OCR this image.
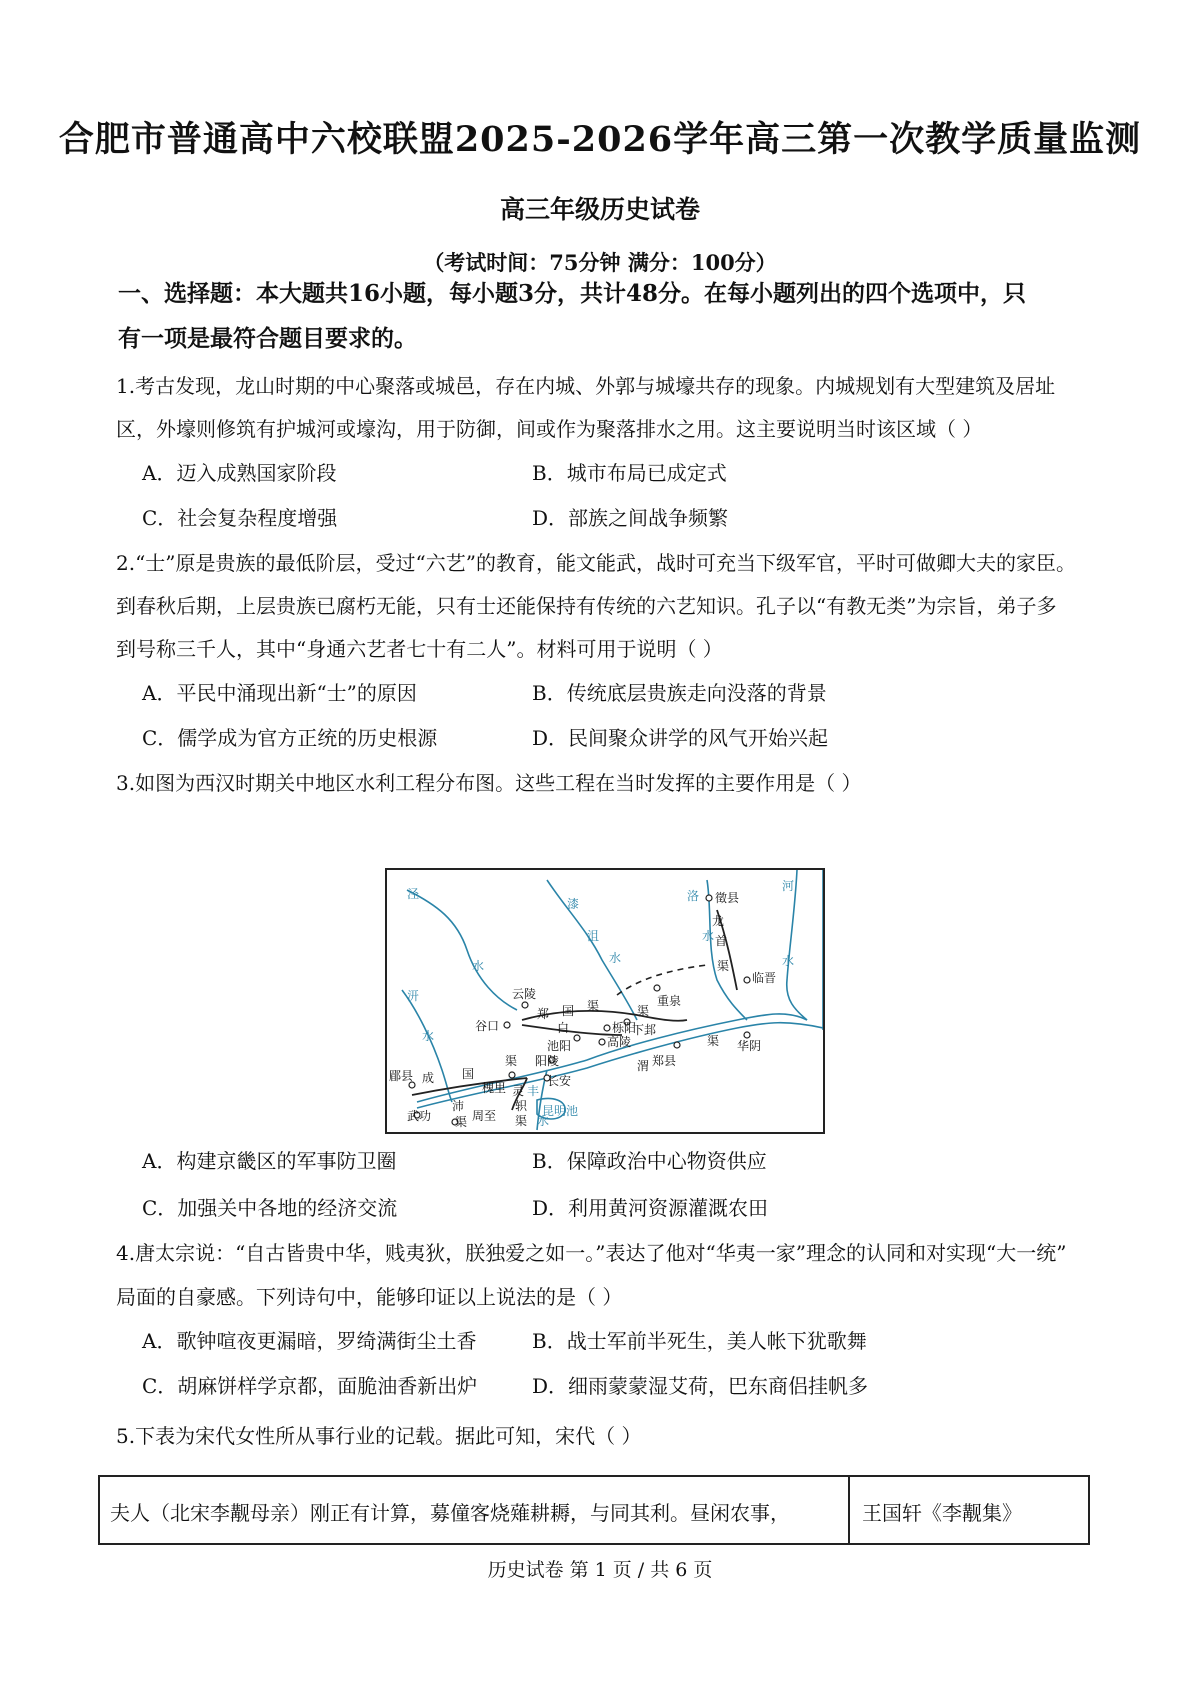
合肥市普通高中六校联盟2025-2026学年高三第一次教学质量监测
高三年级历史试卷
（考试时间：75分钟 满分：100分）
一、选择题：本大题共16小题，每小题3分，共计48分。在每小题列出的四个选项中，只
有一项是最符合题目要求的。
1.考古发现，龙山时期的中心聚落或城邑，存在内城、外郭与城壕共存的现象。内城规划有大型建筑及居址
区，外壕则修筑有护城河或壕沟，用于防御，间或作为聚落排水之用。这主要说明当时该区域（ ）
A．迈入成熟国家阶段	B．城市布局已成定式
C．社会复杂程度增强	D．部族之间战争频繁
2.“士”原是贵族的最低阶层，受过“六艺”的教育，能文能武，战时可充当下级军官，平时可做卿大夫的家臣。
到春秋后期，上层贵族已腐朽无能，只有士还能保持有传统的六艺知识。孔子以“有教无类”为宗旨，弟子多
到号称三千人，其中“身通六艺者七十有二人”。材料可用于说明（ ）
A．平民中涌现出新“士”的原因	B．传统底层贵族走向没落的背景
C．儒学成为官方正统的历史根源	D．民间聚众讲学的风气开始兴起
3.如图为西汉时期关中地区水利工程分布图。这些工程在当时发挥的主要作用是（ ）
泾
水
漆
沮
水
洛
水
河
水
汧
水
昆明池
丰
水
徵县
龙
首
渠
临晋
云陵
郑 国 渠	重泉
谷口	白	栎阳
渠
下邽
池阳	高陵
郑县
渠 华阴
阳陵	渭
郿县 成 国
渠
槐里	长安
武功
沛
渠 周至
灵
轵
渠
A．构建京畿区的军事防卫圈	B．保障政治中心物资供应
C．加强关中各地的经济交流	D．利用黄河资源灌溉农田
4.唐太宗说：“自古皆贵中华，贱夷狄，朕独爱之如一。”表达了他对“华夷一家”理念的认同和对实现“大一统”
局面的自豪感。下列诗句中，能够印证以上说法的是（ ）
A．歌钟喧夜更漏暗，罗绮满街尘土香	B．战士军前半死生，美人帐下犹歌舞
C．胡麻饼样学京都，面脆油香新出炉	D．细雨蒙蒙湿艾荷，巴东商侣挂帆多
5.下表为宋代女性所从事行业的记载。据此可知，宋代（ ）
夫人（北宋李觏母亲）刚正有计算，募僮客烧薙耕耨，与同其利。昼闲农事，	王国轩《李觏集》
历史试卷 第 1 页 / 共 6 页
